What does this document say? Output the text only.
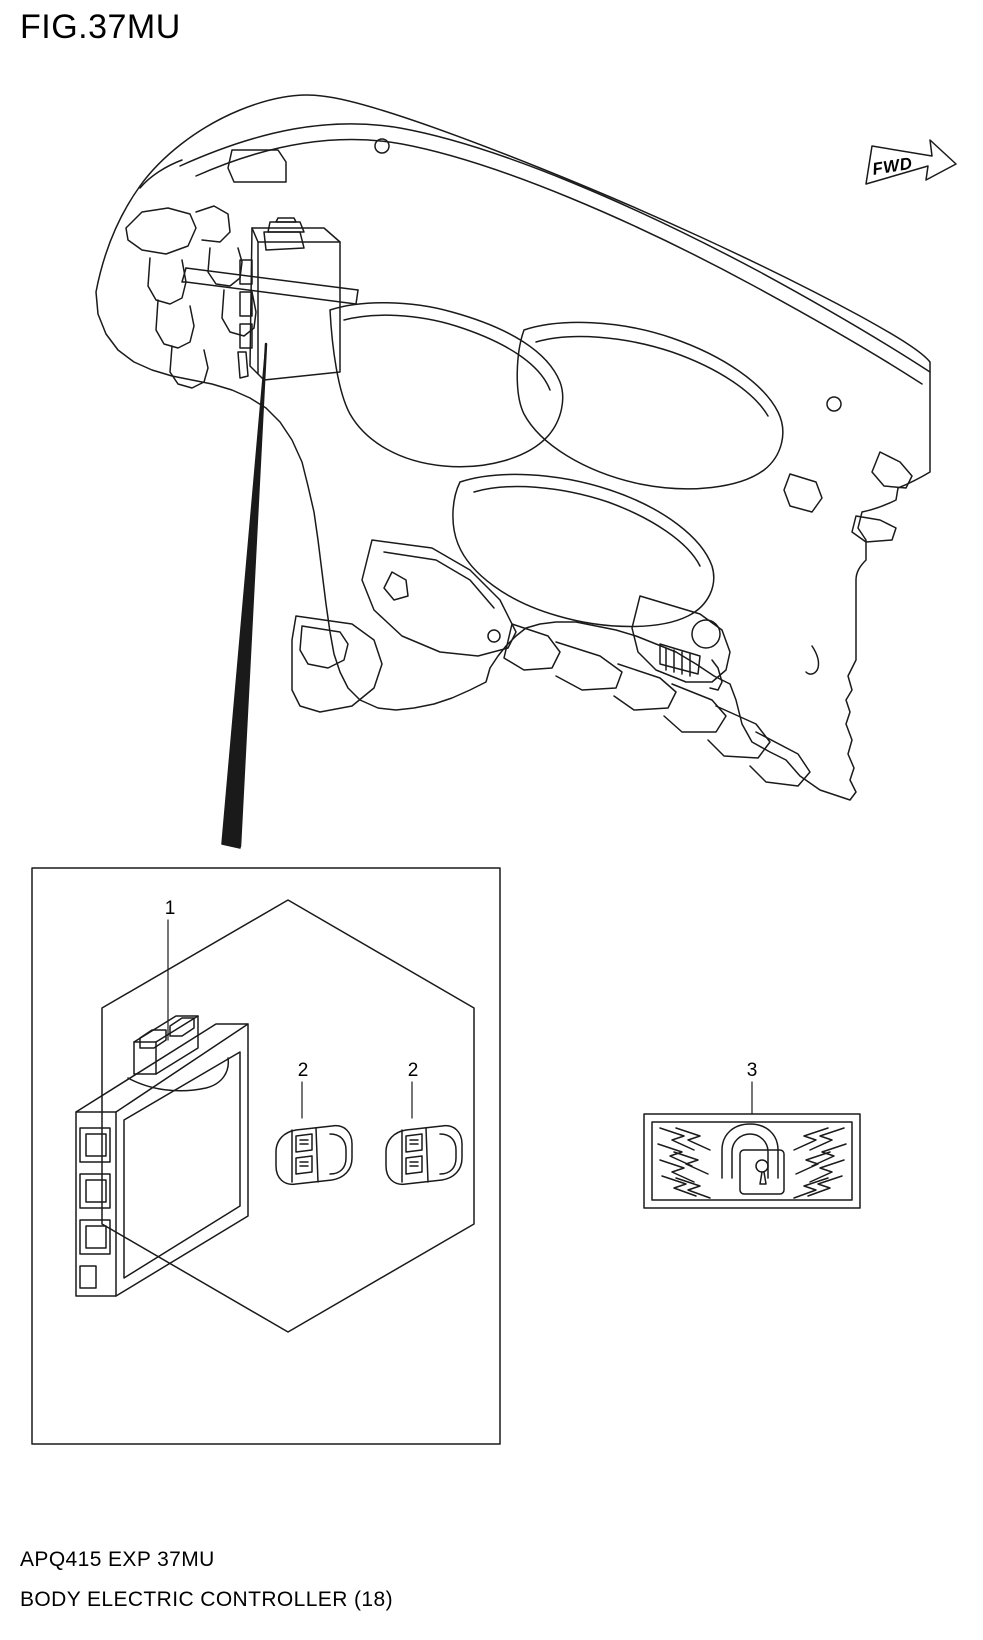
FIG.37MU
1
2	2	3
FWD
APQ415 EXP 37MU
BODY ELECTRIC CONTROLLER (18)
